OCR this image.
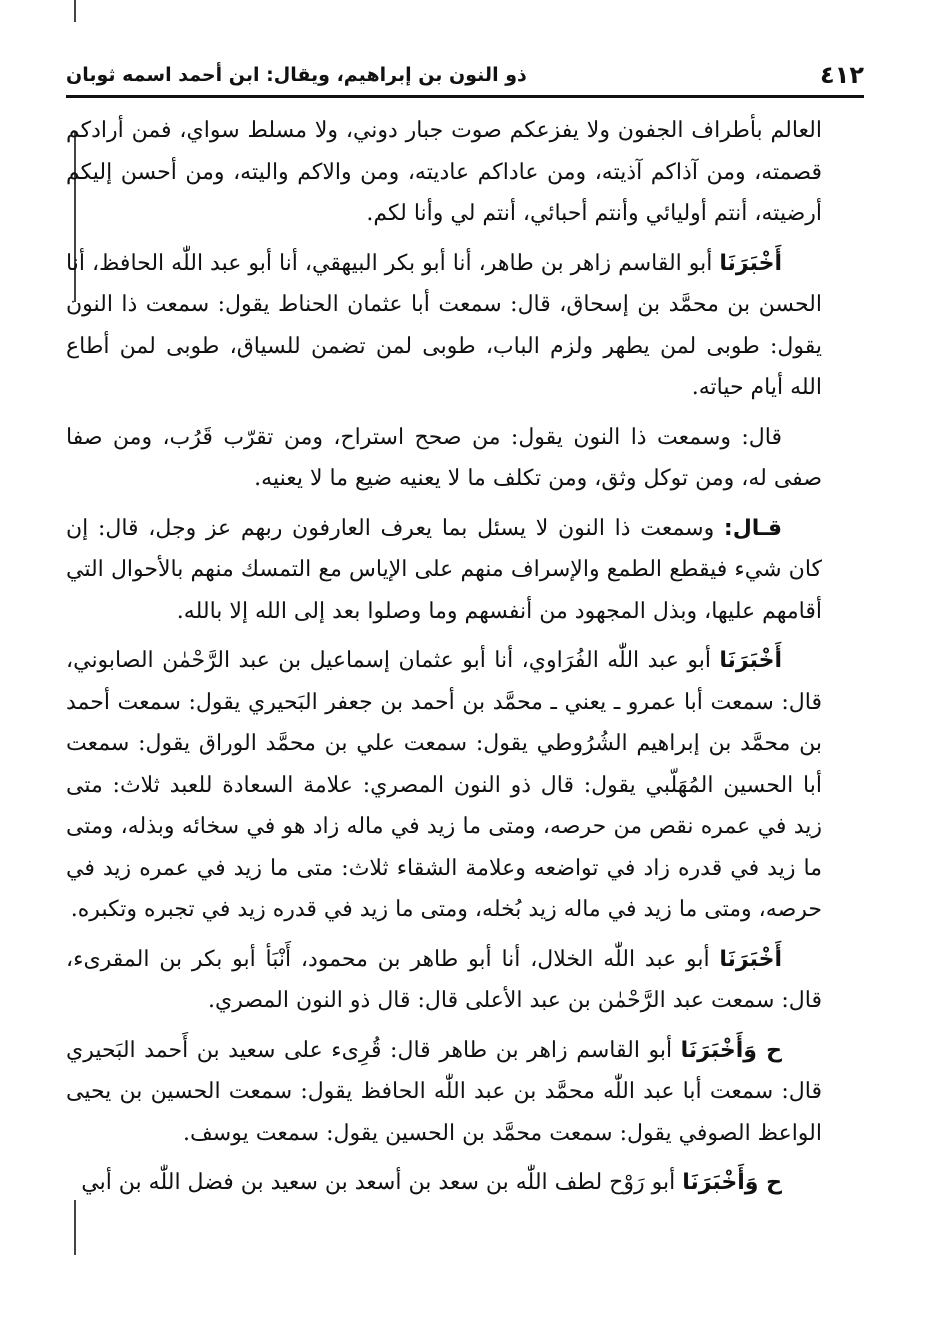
٤١٢
ذو النون بن إبراهيم، ويقال: ابن أحمد اسمه ثوبان

العالم بأطراف الجفون ولا يفزعكم صوت جبار دوني، ولا مسلط سواي، فمن أرادكم قصمته، ومن آذاكم آذيته، ومن عاداكم عاديته، ومن والاكم واليته، ومن أحسن إليكم أرضيته، أنتم أوليائي وأنتم أحبائي، أنتم لي وأنا لكم.

أَخْبَرَنَا أبو القاسم زاهر بن طاهر، أنا أبو بكر البيهقي، أنا أبو عبد اللّٰه الحافظ، أنا الحسن بن محمَّد بن إسحاق، قال: سمعت أبا عثمان الحناط يقول: سمعت ذا النون يقول: طوبى لمن يطهر ولزم الباب، طوبى لمن تضمن للسياق، طوبى لمن أطاع الله أيام حياته.

قال: وسمعت ذا النون يقول: من صحح استراح، ومن تقرّب قَرُب، ومن صفا صفى له، ومن توكل وثق، ومن تكلف ما لا يعنيه ضيع ما لا يعنيه.

قـال: وسمعت ذا النون لا يسئل بما يعرف العارفون ربهم عز وجل، قال: إن كان شيء فيقطع الطمع والإسراف منهم على الإياس مع التمسك منهم بالأحوال التي أقامهم عليها، وبذل المجهود من أنفسهم وما وصلوا بعد إلى الله إلا بالله.

أَخْبَرَنَا أبو عبد اللّٰه الفُرَاوي، أنا أبو عثمان إسماعيل بن عبد الرَّحْمٰن الصابوني، قال: سمعت أبا عمرو ـ يعني ـ محمَّد بن أحمد بن جعفر البَحيري يقول: سمعت أحمد بن محمَّد بن إبراهيم الشُرُوطي يقول: سمعت علي بن محمَّد الوراق يقول: سمعت أبا الحسين المُهَلّبي يقول: قال ذو النون المصري: علامة السعادة للعبد ثلاث: متى زيد في عمره نقص من حرصه، ومتى ما زيد في ماله زاد هو في سخائه وبذله، ومتى ما زيد في قدره زاد في تواضعه وعلامة الشقاء ثلاث: متى ما زيد في عمره زيد في حرصه، ومتى ما زيد في ماله زيد بُخله، ومتى ما زيد في قدره زيد في تجبره وتكبره.

أَخْبَرَنَا أبو عبد اللّٰه الخلال، أنا أبو طاهر بن محمود، أَنْبَأ أبو بكر بن المقرىء، قال: سمعت عبد الرَّحْمٰن بن عبد الأعلى قال: قال ذو النون المصري.

ح وَأَخْبَرَنَا أبو القاسم زاهر بن طاهر قال: قُرِىء على سعيد بن أَحمد البَحيري قال: سمعت أبا عبد اللّٰه محمَّد بن عبد اللّٰه الحافظ يقول: سمعت الحسين بن يحيى الواعظ الصوفي يقول: سمعت محمَّد بن الحسين يقول: سمعت يوسف.

ح وَأَخْبَرَنَا أبو رَوْح لطف اللّٰه بن سعد بن أسعد بن سعيد بن فضل اللّٰه بن أبي
